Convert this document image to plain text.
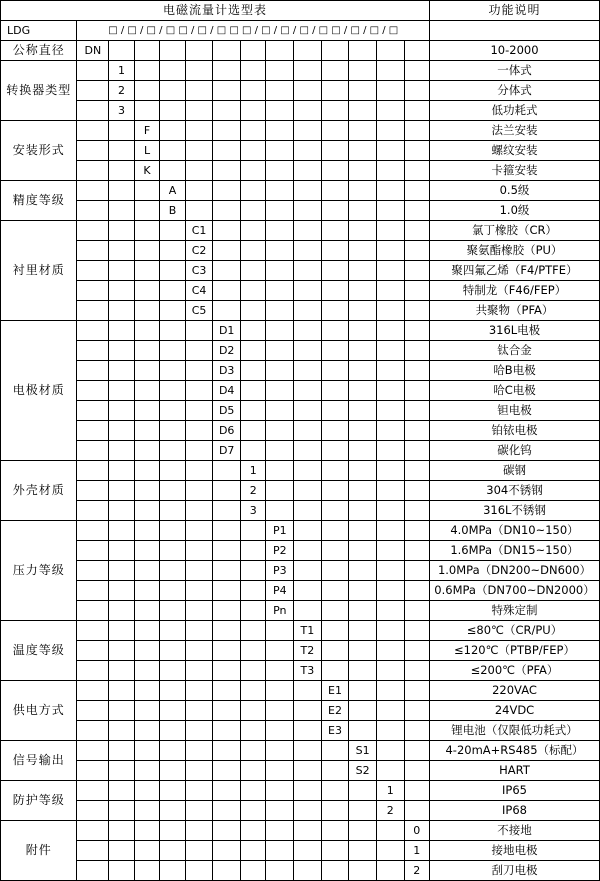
电磁流量计选型表														功能说明
LDG	□ / □ / □ / □ □ / □ / □ □ □ / □ / □ / □ / □ □ / □ / □ / □													
公称直径	DN													10-2000
转换器类型		1												一体式
		2												分体式
		3												低功耗式
安装形式			F											法兰安装
			L											螺纹安装
			K											卡箍安装
精度等级				A										0.5级
				B										1.0级
衬里材质					C1									氯丁橡胶（CR）
					C2									聚氨酯橡胶（PU）
					C3									聚四氟乙烯（F4/PTFE）
					C4									特制龙（F46/FEP）
					C5									共聚物（PFA）
电极材质						D1								316L电极
						D2								钛合金
						D3								哈B电极
						D4								哈C电极
						D5								钽电极
						D6								铂铱电极
						D7								碳化钨
外壳材质							1							碳钢
							2							304不锈钢
							3							316L不锈钢
压力等级								P1						4.0MPa（DN10~150）
								P2						1.6MPa（DN15~150）
								P3						1.0MPa（DN200~DN600）
								P4						0.6MPa（DN700~DN2000）
								Pn						特殊定制
温度等级									T1					≤80℃（CR/PU）
									T2					≤120℃（PTBP/FEP）
									T3					≤200℃（PFA）
供电方式										E1				220VAC
										E2				24VDC
										E3				锂电池（仅限低功耗式）
信号输出											S1			4-20mA+RS485（标配）
											S2			HART
防护等级												1		IP65
												2		IP68
附件													0	不接地
													1	接地电极
													2	刮刀电极
